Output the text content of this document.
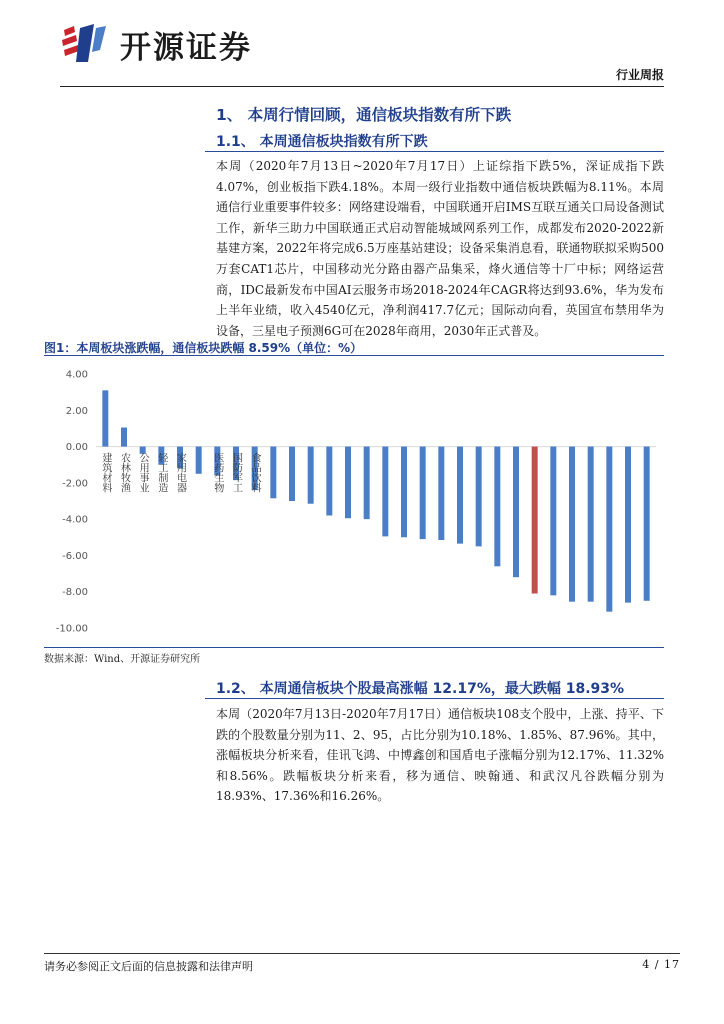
开源证券
行业周报
1、 本周行情回顾，通信板块指数有所下跌
1.1、 本周通信板块指数有所下跌
本周（2020年7月13日~2020年7月17日）上证综指下跌5%，深证成指下跌4.07%，创业板指下跌4.18%。本周一级行业指数中通信板块跌幅为8.11%。本周通信行业重要事件较多：网络建设端看，中国联通开启IMS互联互通关口局设备测试工作，新华三助力中国联通正式启动智能城域网系列工作，成都发布2020-2022新基建方案，2022年将完成6.5万座基站建设；设备采集消息看，联通物联拟采购500万套CAT1芯片，中国移动光分路由器产品集采，烽火通信等十厂中标；网络运营商，IDC最新发布中国AI云服务市场2018-2024年CAGR将达到93.6%，华为发布上半年业绩，收入4540亿元，净利润417.7亿元；国际动向看，英国宣布禁用华为设备，三星电子预测6G可在2028年商用，2030年正式普及。
图1：本周板块涨跌幅，通信板块跌幅 8.59%（单位：%）
4.00
2.00
0.00
-2.00
-4.00
-6.00
-8.00
-10.00
建筑材料 农林牧渔 公用事业 轻工制造 家用电器	医药生物 国防军工 食品饮料
数据来源：Wind、开源证券研究所
1.2、 本周通信板块个股最高涨幅 12.17%，最大跌幅 18.93%
本周（2020年7月13日-2020年7月17日）通信板块108支个股中，上涨、持平、下跌的个股数量分别为11、2、95，占比分别为10.18%、1.85%、87.96%。其中，涨幅板块分析来看，佳讯飞鸿、中博鑫创和国盾电子涨幅分别为12.17%、11.32%和8.56%。跌幅板块分析来看，移为通信、映翰通、和武汉凡谷跌幅分别为18.93%、17.36%和16.26%。
请务必参阅正文后面的信息披露和法律声明	4 / 17
